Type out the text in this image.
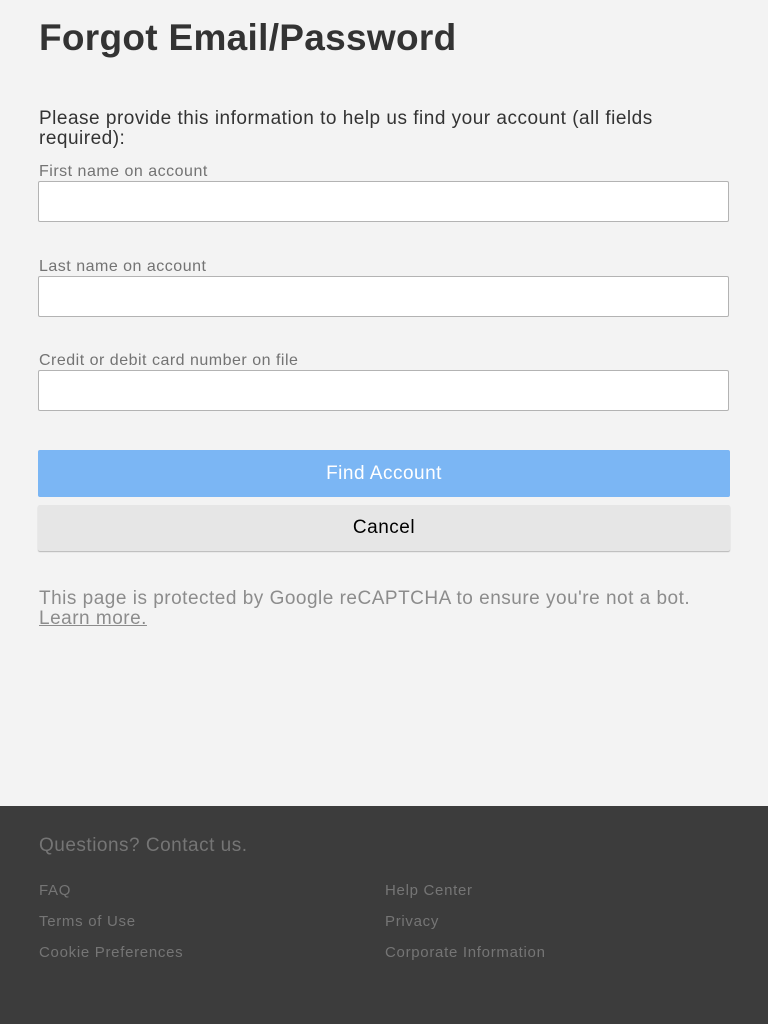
Forgot Email/Password
Please provide this information to help us find your account (all fields required):
First name on account
Last name on account
Credit or debit card number on file
Find Account
Cancel
This page is protected by Google reCAPTCHA to ensure you're not a bot. Learn more.
Questions? Contact us.
FAQ	Help Center
Terms of Use	Privacy
Cookie Preferences	Corporate Information
